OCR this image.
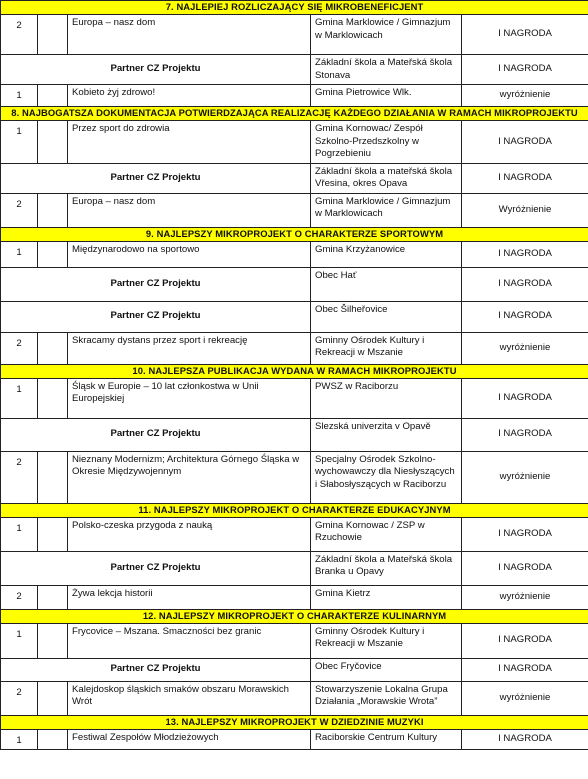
7. NAJLEPIEJ ROZLICZAJĄCY SIĘ MIKROBENEFICJENT				
2		Europa – nasz dom	Gmina Marklowice / Gimnazjum w Marklowicach	I NAGRODA
Partner CZ Projektu			Základní škola a Mateřská škola Stonava	I NAGRODA
1		Kobieto żyj zdrowo!	Gmina Pietrowice Wlk.	wyróżnienie
8. NAJBOGATSZA DOKUMENTACJA POTWIERDZAJĄCA REALIZACJĘ KAŻDEGO DZIAŁANIA W RAMACH MIKROPROJEKTU				
1		Przez sport do zdrowia	Gmina Kornowac/ Zespół Szkolno-Przedszkolny w Pogrzebieniu	I NAGRODA
Partner CZ Projektu			Základní škola a mateřská škola Vřesina, okres Opava	I NAGRODA
2		Europa – nasz dom	Gmina Marklowice / Gimnazjum w Marklowicach	Wyróżnienie
9. NAJLEPSZY MIKROPROJEKT O CHARAKTERZE SPORTOWYM				
1		Międzynarodowo na sportowo	Gmina Krzyżanowice	I NAGRODA
Partner CZ Projektu			Obec Hať	I NAGRODA
Partner CZ Projektu			Obec Šilheřovice	I NAGRODA
2		Skracamy dystans przez sport i rekreację	Gminny Ośrodek Kultury i Rekreacji w Mszanie	wyróżnienie
10. NAJLEPSZA PUBLIKACJA WYDANA W RAMACH MIKROPROJEKTU				
1		Śląsk w Europie – 10 lat członkostwa w Unii Europejskiej	PWSZ w Raciborzu	I NAGRODA
Partner CZ Projektu			Slezská univerzita v Opavě	I NAGRODA
2		Nieznany Modernizm; Architektura Górnego Śląska w Okresie Międzywojennym	Specjalny Ośrodek Szkolno-wychowawczy dla Niesłyszących i Słabosłyszących w Raciborzu	wyróżnienie
11. NAJLEPSZY MIKROPROJEKT O CHARAKTERZE EDUKACYJNYM				
1		Polsko-czeska przygoda z nauką	Gmina Kornowac / ZSP w Rzuchowie	I NAGRODA
Partner CZ Projektu			Základní škola a Mateřská škola Branka u Opavy	I NAGRODA
2		Żywa lekcja historii	Gmina Kietrz	wyróżnienie
12. NAJLEPSZY MIKROPROJEKT O CHARAKTERZE KULINARNYM				
1		Frycovice – Mszana. Smaczności bez granic	Gminny Ośrodek Kultury i Rekreacji w Mszanie	I NAGRODA
Partner CZ Projektu			Obec Fryčovice	I NAGRODA
2		Kalejdoskop śląskich smaków obszaru Morawskich Wrót	Stowarzyszenie Lokalna Grupa Działania „Morawskie Wrota”	wyróżnienie
13. NAJLEPSZY MIKROPROJEKT W DZIEDZINIE MUZYKI				
1		Festiwal Zespołów Młodzieżowych	Raciborskie Centrum Kultury	I NAGRODA
